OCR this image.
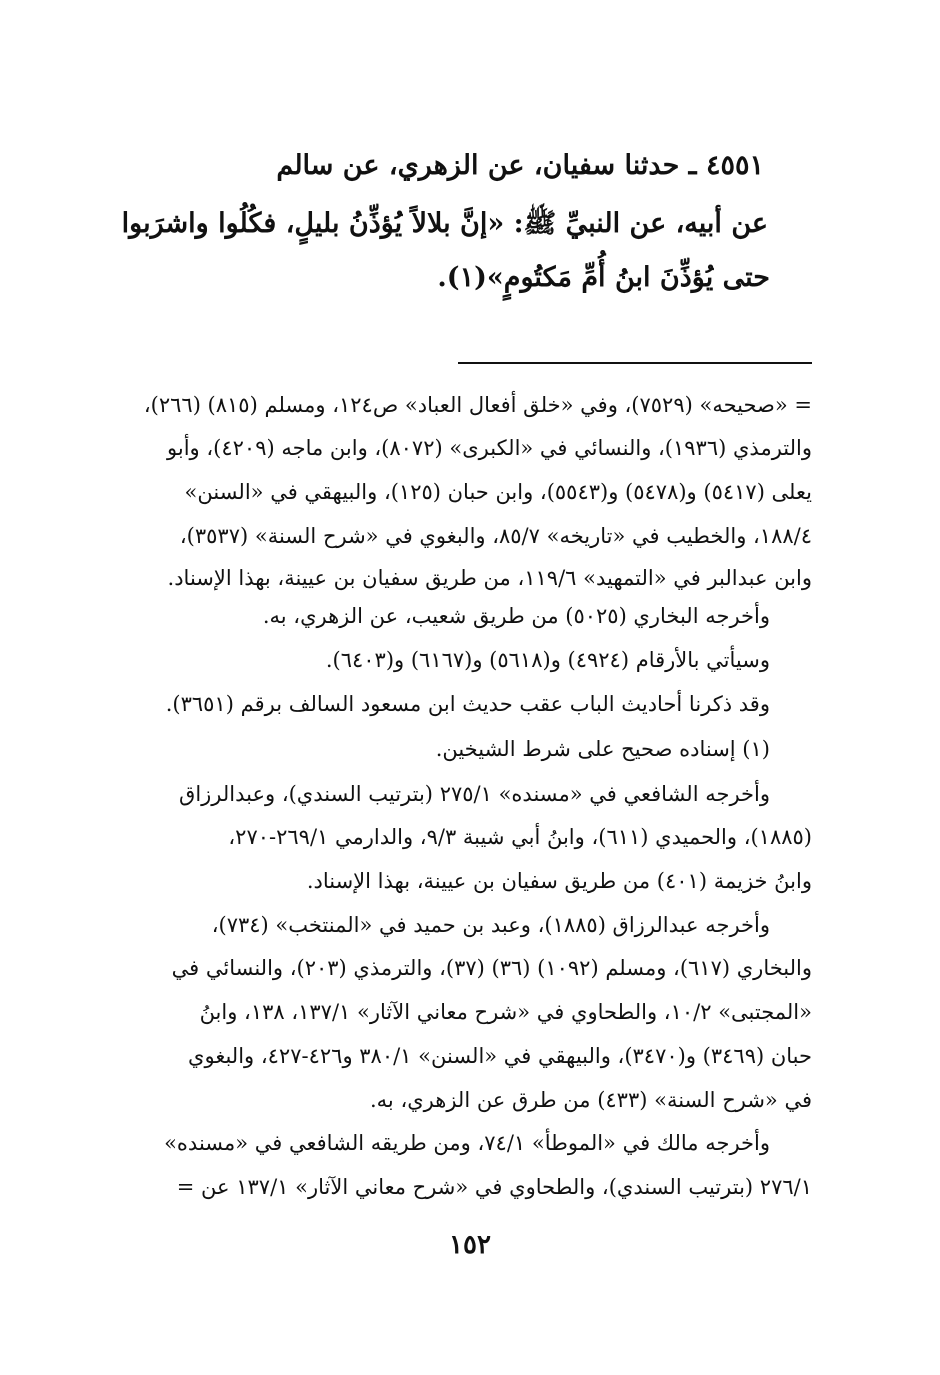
٤٥٥١ ـ حدثنا سفيان، عن الزهري، عن سالم
عن أبيه، عن النبيِّ ﷺ: «إنَّ بلالاً يُؤذِّنُ بليلٍ، فكُلُوا واشرَبوا
حتى يُؤذِّنَ ابنُ أُمِّ مَكتُومٍ»(١).
= «صحيحه» (٧٥٢٩)، وفي «خلق أفعال العباد» ص١٢٤، ومسلم (٨١٥) (٢٦٦)،
والترمذي (١٩٣٦)، والنسائي في «الكبرى» (٨٠٧٢)، وابن ماجه (٤٢٠٩)، وأبو
يعلى (٥٤١٧) و(٥٤٧٨) و(٥٥٤٣)، وابن حبان (١٢٥)، والبيهقي في «السنن»
١٨٨/٤، والخطيب في «تاريخه» ٨٥/٧، والبغوي في «شرح السنة» (٣٥٣٧)،
وابن عبدالبر في «التمهيد» ١١٩/٦، من طريق سفيان بن عيينة، بهذا الإسناد.
وأخرجه البخاري (٥٠٢٥) من طريق شعيب، عن الزهري، به.
وسيأتي بالأرقام (٤٩٢٤) و(٥٦١٨) و(٦١٦٧) و(٦٤٠٣).
وقد ذكرنا أحاديث الباب عقب حديث ابن مسعود السالف برقم (٣٦٥١).
(١) إسناده صحيح على شرط الشيخين.
وأخرجه الشافعي في «مسنده» ٢٧٥/١ (بترتيب السندي)، وعبدالرزاق
(١٨٨٥)، والحميدي (٦١١)، وابنُ أبي شيبة ٩/٣، والدارمي ٢٦٩/١-٢٧٠،
وابنُ خزيمة (٤٠١) من طريق سفيان بن عيينة، بهذا الإسناد.
وأخرجه عبدالرزاق (١٨٨٥)، وعبد بن حميد في «المنتخب» (٧٣٤)،
والبخاري (٦١٧)، ومسلم (١٠٩٢) (٣٦) (٣٧)، والترمذي (٢٠٣)، والنسائي في
«المجتبى» ١٠/٢، والطحاوي في «شرح معاني الآثار» ١٣٧/١، ١٣٨، وابنُ
حبان (٣٤٦٩) و(٣٤٧٠)، والبيهقي في «السنن» ٣٨٠/١ و٤٢٦-٤٢٧، والبغوي
في «شرح السنة» (٤٣٣) من طرق عن الزهري، به.
وأخرجه مالك في «الموطأ» ٧٤/١، ومن طريقه الشافعي في «مسنده»
٢٧٦/١ (بترتيب السندي)، والطحاوي في «شرح معاني الآثار» ١٣٧/١ عن =
١٥٢
